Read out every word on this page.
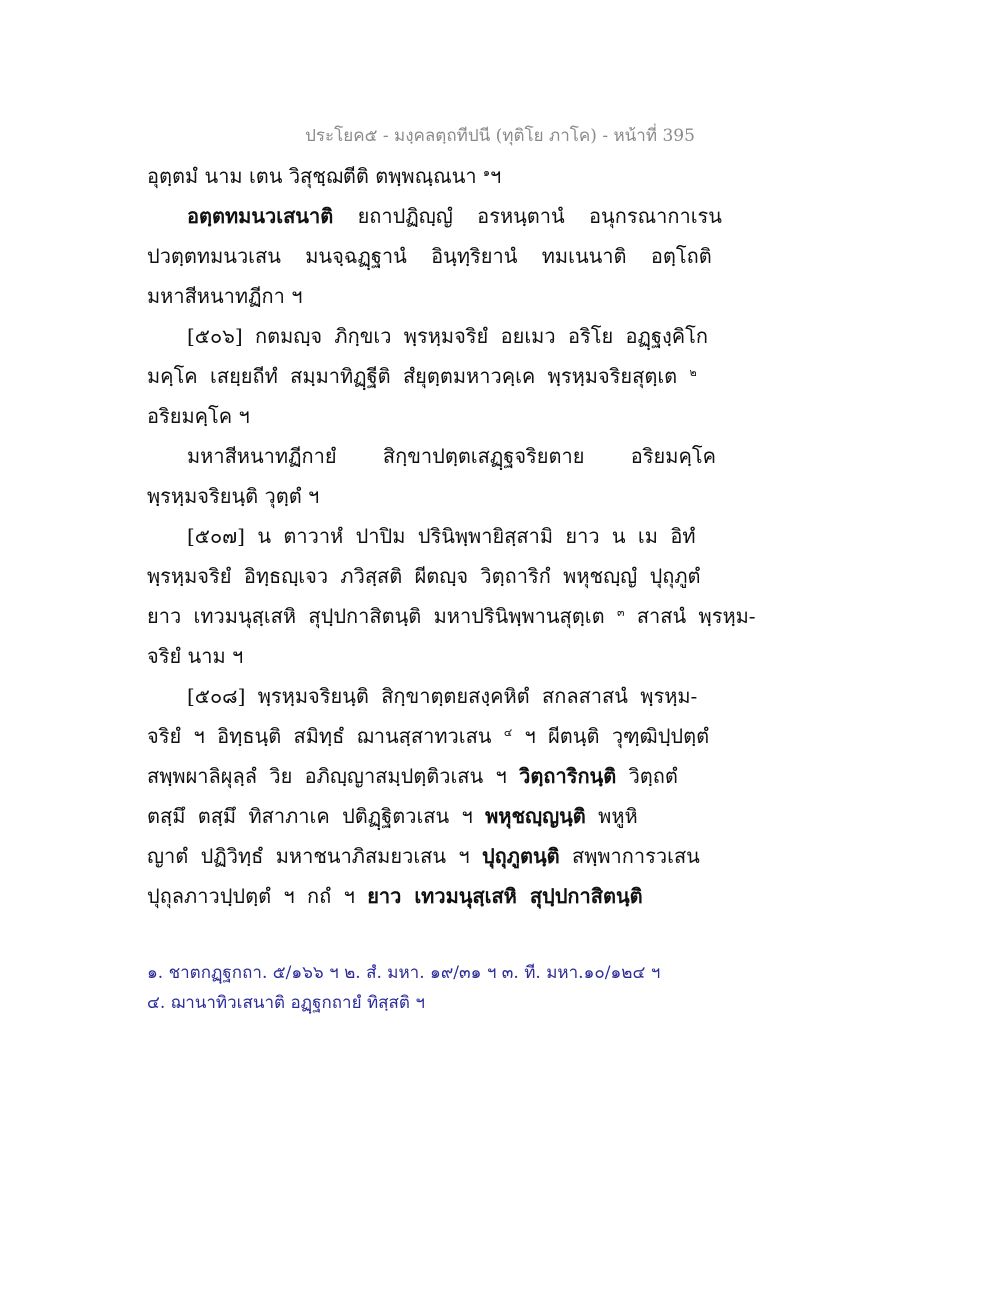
ประโยค๕ - มงฺคลตฺถทีปนี (ทุติโย ภาโค) - หน้าที่ 395
อุตฺตมํ นาม เตน วิสุชฺฌตีติ ตพฺพณฺณนา $^๑$ฯ
อตฺตทมนวเสนาติ ยถาปฏิญฺญํ อรหนฺตานํ อนุกรณากาเรน
ปวตฺตทมนวเสน มนจฺฉฏฺฐานํ อินฺทฺริยานํ ทมเนนาติ อตฺโถติ
มหาสีหนาทฏีกา ฯ
[๕๐๖] กตมญฺจ ภิกฺขเว พฺรหฺมจริยํ อยเมว อริโย อฏฺฐงฺคิโก
มคฺโค เสยฺยถีทํ สมฺมาทิฏฺฐีติ สํยุตฺตมหาวคฺเค พฺรหฺมจริยสุตฺเต $^๒$
อริยมคฺโค ฯ
มหาสีหนาทฏีกายํ สิกฺขาปตฺตเสฏฺฐจริยตาย อริยมคฺโค
พฺรหฺมจริยนฺติ วุตฺตํ ฯ
[๕๐๗] น ตาวาหํ ปาปิม ปรินิพฺพายิสฺสามิ ยาว น เม อิทํ
พฺรหฺมจริยํ อิทฺธญฺเจว ภวิสฺสติ ผีตญฺจ วิตฺถาริกํ พหุชญฺญํ ปุถุภูตํ
ยาว เทวมนุสฺเสหิ สุปฺปกาสิตนฺติ มหาปรินิพฺพานสุตฺเต $^๓$ สาสนํ พฺรหฺม-
จริยํ นาม ฯ
[๕๐๘] พฺรหฺมจริยนฺติ สิกฺขาตฺตยสงฺคหิตํ สกลสาสนํ พฺรหฺม-
จริยํ ฯ อิทฺธนฺติ สมิทฺธํ ฌานสฺสาทวเสน $^๔$ ฯ ผีตนฺติ วุฑฺฒิปฺปตฺตํ
สพฺพผาลิผุลฺลํ วิย อภิญฺญาสมฺปตฺติวเสน ฯ วิตฺถาริกนฺติ วิตฺถตํ
ตสฺมึ ตสฺมึ ทิสาภาเค ปติฏฺฐิตวเสน ฯ พหุชญฺญนฺติ พหูหิ
ญาตํ ปฏิวิทฺธํ มหาชนาภิสมยวเสน ฯ ปุถุภูตนฺติ สพฺพาการวเสน
ปุถุลภาวปฺปตฺตํ ฯ กถํ ฯ ยาว เทวมนุสฺเสหิ สุปฺปกาสิตนฺติ
๑. ชาตกฏฺฐกถา. ๕/๑๖๖ ฯ ๒. สํ. มหา. ๑๙/๓๑ ฯ ๓. ที. มหา.๑๐/๑๒๔ ฯ
๔. ฌานาทิวเสนาติ อฏฺฐกถายํ ทิสฺสติ ฯ
